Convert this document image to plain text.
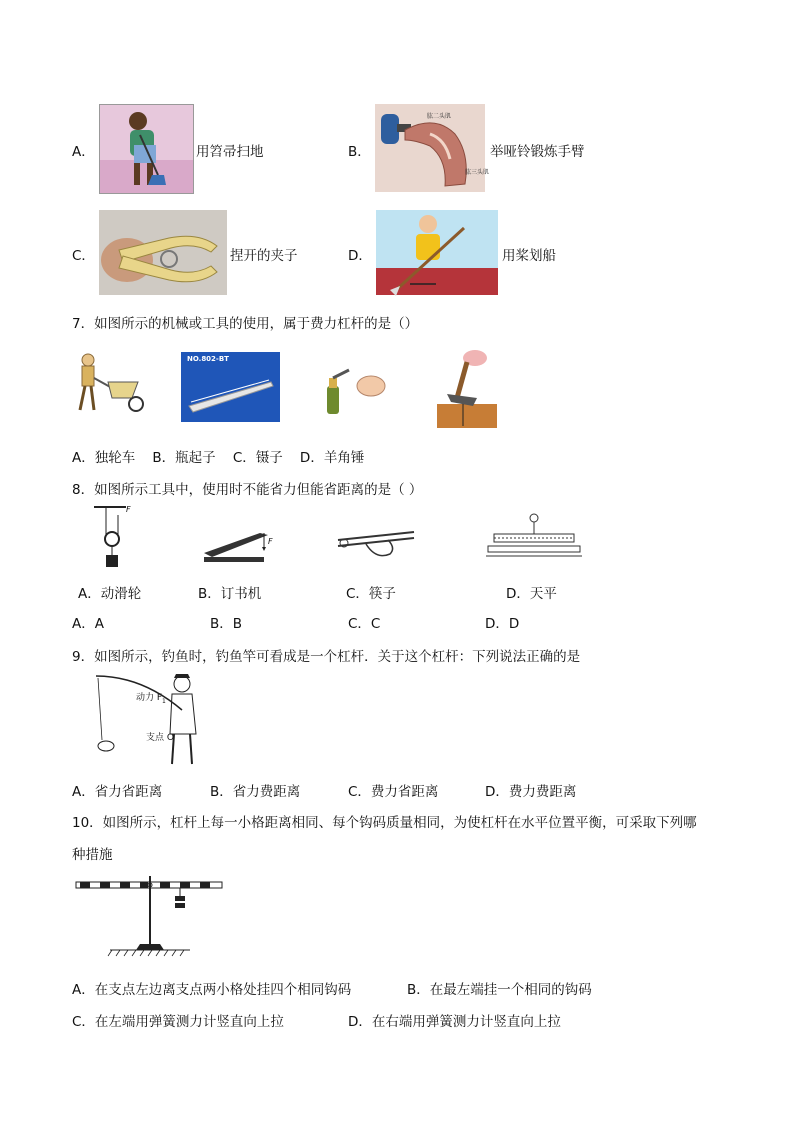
A．	用笤帚扫地	B．
肱二头肌
肱三头肌
举哑铃锻炼手臂
C．	捏开的夹子	D．	用桨划船
7．如图所示的机械或工具的使用，属于费力杠杆的是（）
NO.802-BT
A．独轮车    B．瓶起子    C．镊子    D．羊角锤
8．如图所示工具中，使用时不能省力但能省距离的是（ ）
F
F
A．动滑轮	B．订书机	C．筷子	D．天平
A．A	B．B	C．C	D．D
9．如图所示，钓鱼时，钓鱼竿可看成是一个杠杆．关于这个杠杆：下列说法正确的是
动力 $F_1$
支点 O
A．省力省距离	B．省力费距离	C．费力省距离	D．费力费距离
10．如图所示，杠杆上每一小格距离相同、每个钩码质量相同，为使杠杆在水平位置平衡，可采取下列哪
种措施
A．在支点左边离支点两小格处挂四个相同钩码	B．在最左端挂一个相同的钩码
C．在左端用弹簧测力计竖直向上拉	D．在右端用弹簧测力计竖直向上拉
